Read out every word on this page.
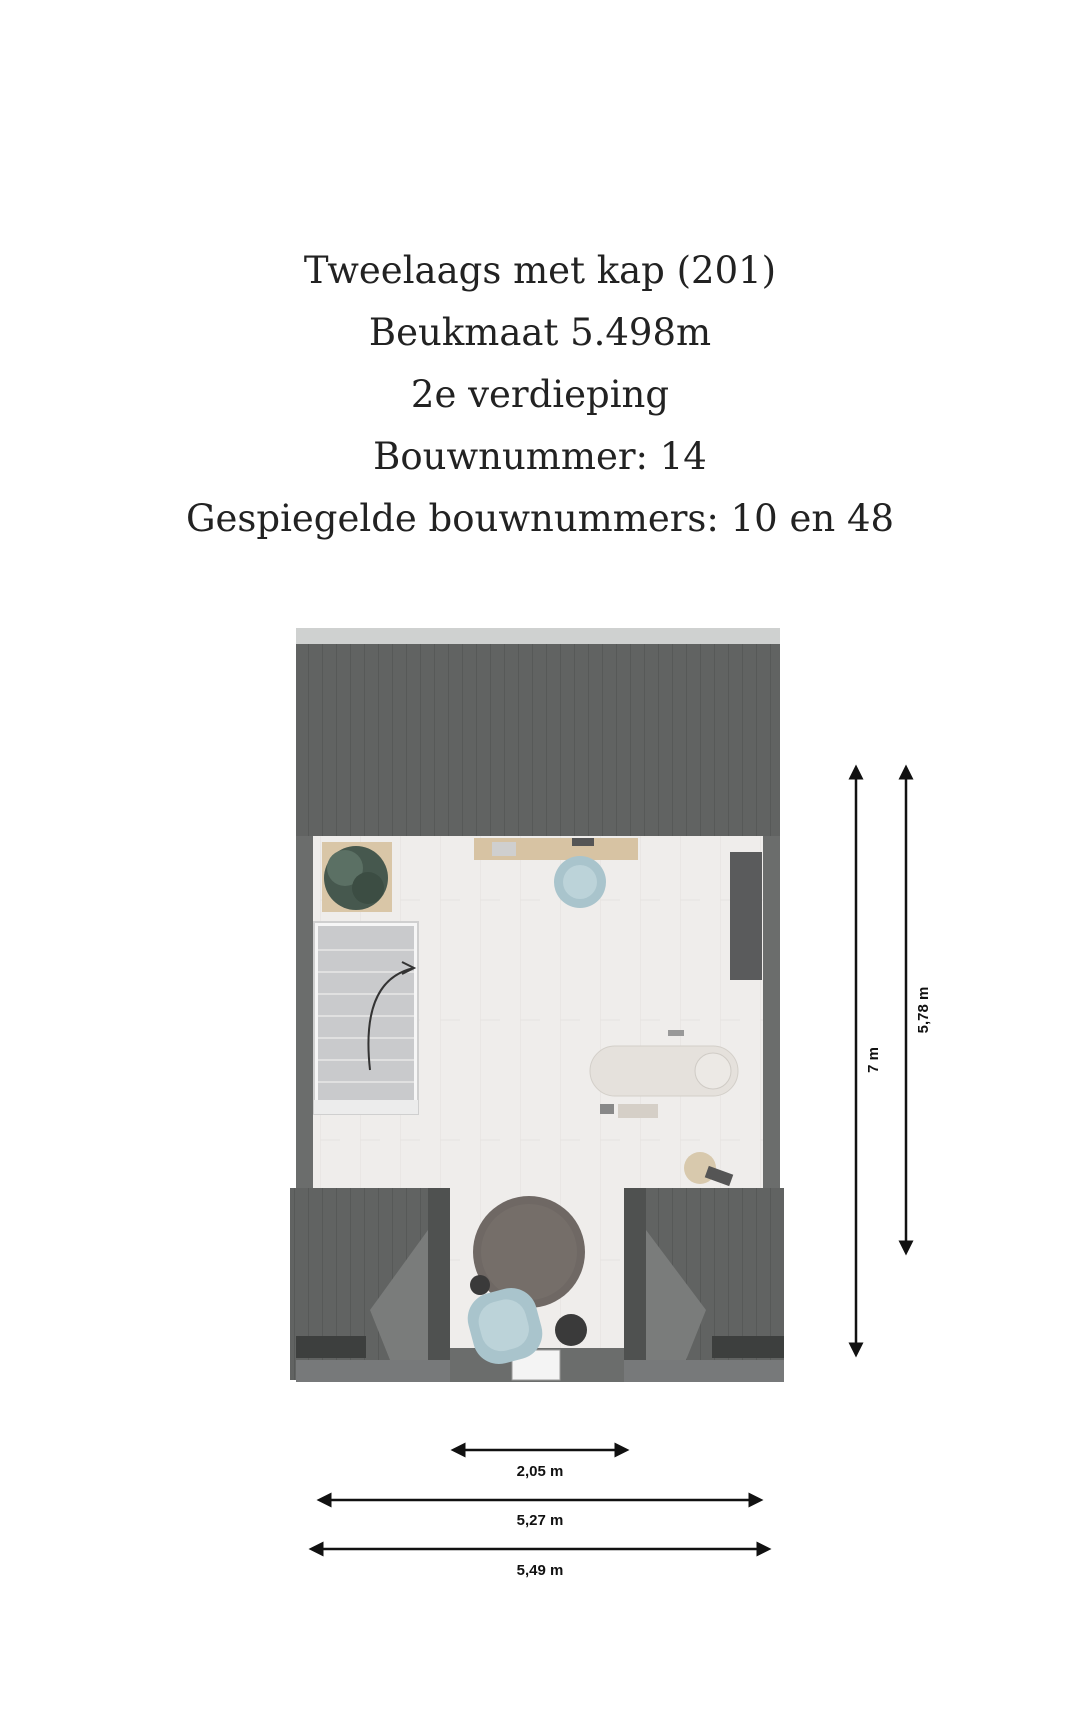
Tweelaags met kap (201)
Beukmaat 5.498m
2e verdieping
Bouwnummer: 14
Gespiegelde bouwnummers: 10 en 48
7 m
5,78 m
2,05 m
5,27 m
5,49 m
